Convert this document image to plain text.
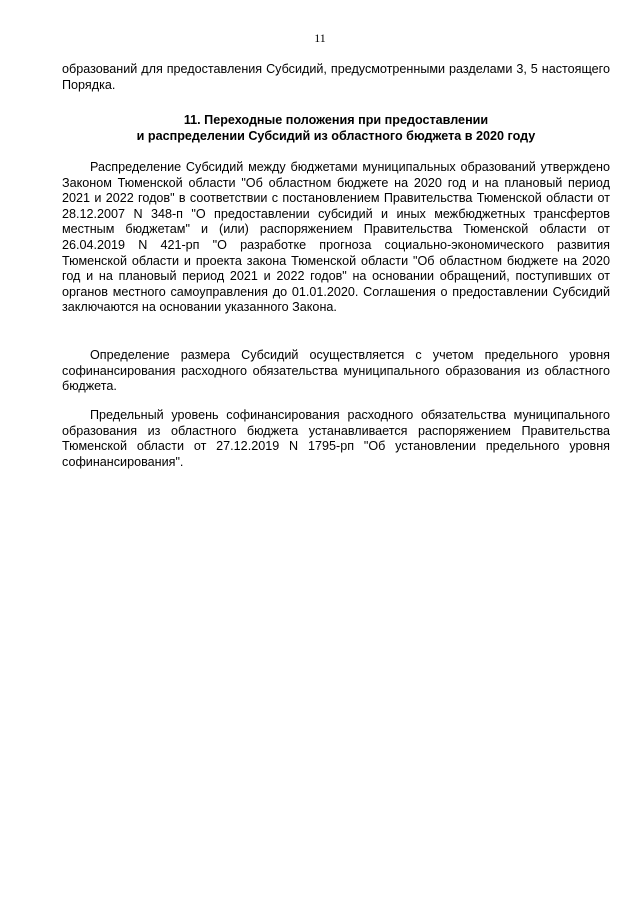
11

образований для предоставления Субсидий, предусмотренными разделами 3, 5 настоящего Порядка.

11. Переходные положения при предоставлении
и распределении Субсидий из областного бюджета в 2020 году

Распределение Субсидий между бюджетами муниципальных образований утверждено Законом Тюменской области "Об областном бюджете на 2020 год и на плановый период 2021 и 2022 годов" в соответствии с постановлением Правительства Тюменской области от 28.12.2007 N 348-п "О предоставлении субсидий и иных межбюджетных трансфертов местным бюджетам" и (или) распоряжением Правительства Тюменской области от 26.04.2019 N 421-рп "О разработке прогноза социально-экономического развития Тюменской области и проекта закона Тюменской области "Об областном бюджете на 2020 год и на плановый период 2021 и 2022 годов" на основании обращений, поступивших от органов местного самоуправления до 01.01.2020. Соглашения о предоставлении Субсидий заключаются на основании указанного Закона.

Определение размера Субсидий осуществляется с учетом предельного уровня софинансирования расходного обязательства муниципального образования из областного бюджета.

Предельный уровень софинансирования расходного обязательства муниципального образования из областного бюджета устанавливается распоряжением Правительства Тюменской области от 27.12.2019 N 1795-рп "Об установлении предельного уровня софинансирования".
